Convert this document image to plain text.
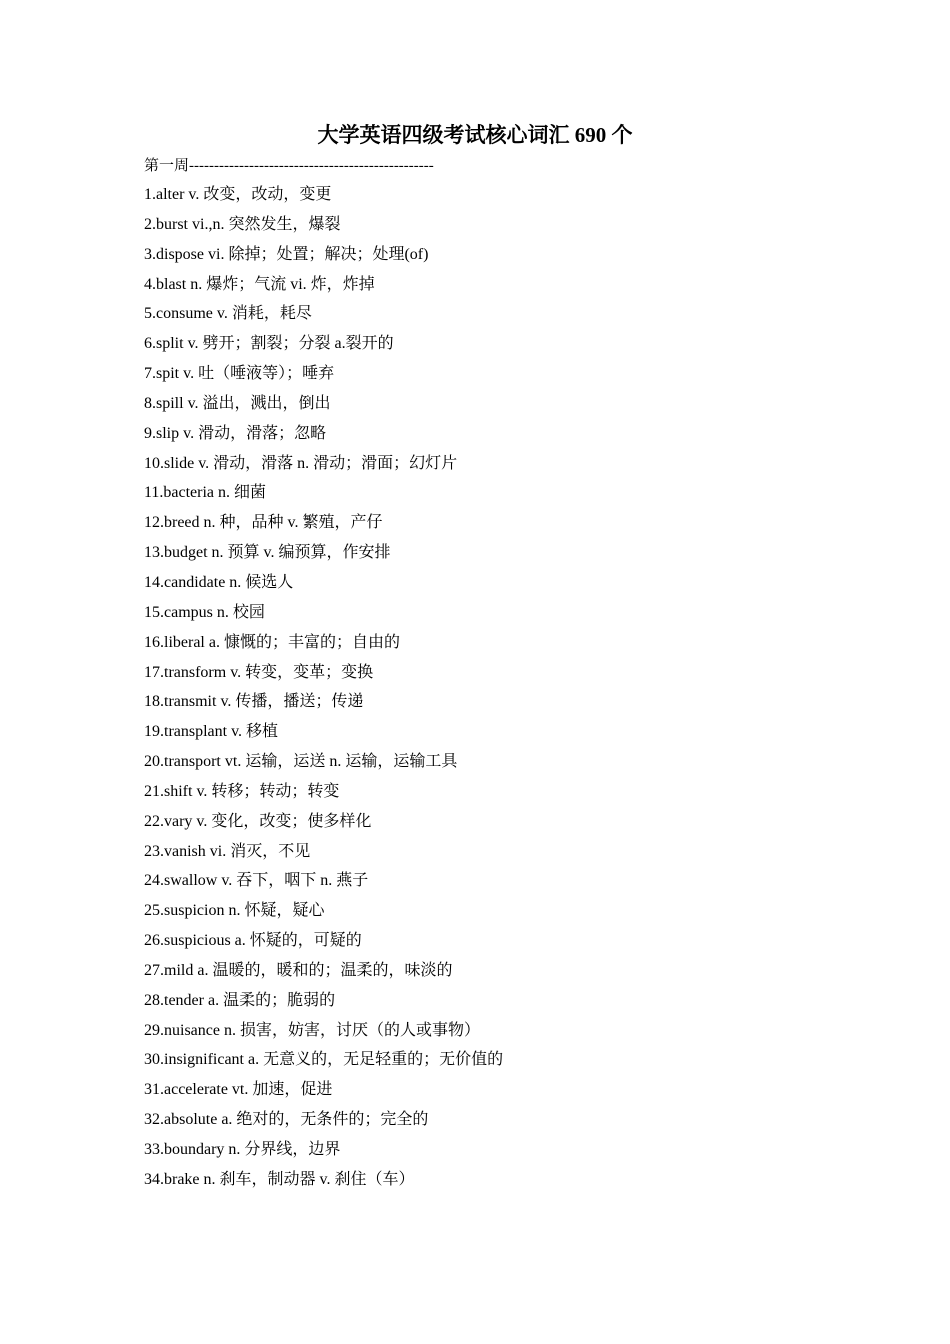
大学英语四级考试核心词汇 690 个
第一周-------------------------------------------------
1.alter v. 改变，改动，变更
2.burst vi.,n. 突然发生，爆裂
3.dispose vi. 除掉；处置；解决；处理(of)
4.blast n. 爆炸；气流 vi. 炸，炸掉
5.consume v. 消耗，耗尽
6.split v. 劈开；割裂；分裂 a.裂开的
7.spit v. 吐（唾液等）；唾弃
8.spill v. 溢出，溅出，倒出
9.slip v. 滑动，滑落；忽略
10.slide v. 滑动，滑落 n. 滑动；滑面；幻灯片
11.bacteria n. 细菌
12.breed n. 种，品种 v. 繁殖，产仔
13.budget n. 预算 v. 编预算，作安排
14.candidate n. 候选人
15.campus n. 校园
16.liberal a. 慷慨的；丰富的；自由的
17.transform v. 转变，变革；变换
18.transmit v. 传播，播送；传递
19.transplant v. 移植
20.transport vt. 运输，运送 n. 运输，运输工具
21.shift v. 转移；转动；转变
22.vary v. 变化，改变；使多样化
23.vanish vi. 消灭，不见
24.swallow v. 吞下，咽下 n. 燕子
25.suspicion n. 怀疑，疑心
26.suspicious a. 怀疑的，可疑的
27.mild a. 温暖的，暖和的；温柔的，味淡的
28.tender a. 温柔的；脆弱的
29.nuisance n. 损害，妨害，讨厌（的人或事物）
30.insignificant a. 无意义的，无足轻重的；无价值的
31.accelerate vt. 加速，促进
32.absolute a. 绝对的，无条件的；完全的
33.boundary n. 分界线，边界
34.brake n. 刹车，制动器 v. 刹住（车）
